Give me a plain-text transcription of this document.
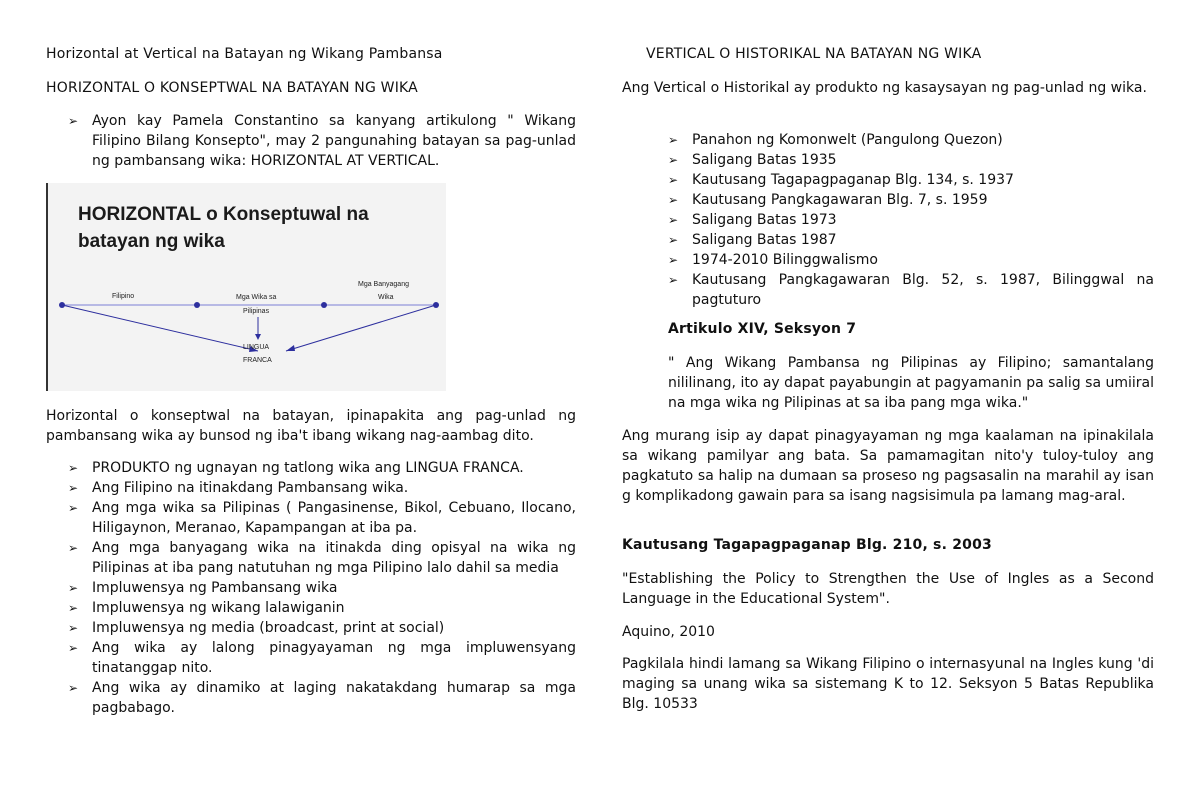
Horizontal at Vertical na Batayan ng Wikang Pambansa
HORIZONTAL O KONSEPTWAL NA BATAYAN NG WIKA
➢ Ayon kay Pamela Constantino sa kanyang artikulong " Wikang Filipino Bilang Konsepto", may 2 pangunahing batayan sa pag-unlad ng pambansang wika: HORIZONTAL AT VERTICAL.
HORIZONTAL o Konseptuwal na batayan ng wika
Filipino	Mga Wika sa
Pilipinas
Mga Banyagang
Wika
LINGUA
FRANCA

Horizontal o konseptwal na batayan, ipinapakita ang pag-unlad ng pambansang wika ay bunsod ng iba't ibang wikang nag-aambag dito.

➢ PRODUKTO ng ugnayan ng tatlong wika ang LINGUA FRANCA.
➢ Ang Filipino na itinakdang Pambansang wika.
➢ Ang mga wika sa Pilipinas ( Pangasinense, Bikol, Cebuano, Ilocano, Hiligaynon, Meranao, Kapampangan at iba pa.
➢ Ang mga banyagang wika na itinakda ding opisyal na wika ng Pilipinas at iba pang natutuhan ng mga Pilipino lalo dahil sa media
➢ Impluwensya ng Pambansang wika
➢ Impluwensya ng wikang lalawiganin
➢ Impluwensya ng media (broadcast, print at social)
➢ Ang wika ay lalong pinagyayaman ng mga impluwensyang tinatanggap nito.
➢ Ang wika ay dinamiko at laging nakatakdang humarap sa mga pagbabago.
VERTICAL O HISTORIKAL NA BATAYAN NG WIKA

Ang Vertical o Historikal ay produkto ng kasaysayan ng pag-unlad ng wika.

➢ Panahon ng Komonwelt (Pangulong Quezon)
➢ Saligang Batas 1935
➢ Kautusang Tagapagpaganap Blg. 134, s. 1937
➢ Kautusang Pangkagawaran Blg. 7, s. 1959
➢ Saligang Batas 1973
➢ Saligang Batas 1987
➢ 1974-2010 Bilinggwalismo
➢ Kautusang Pangkagawaran Blg. 52, s. 1987, Bilinggwal na pagtuturo
Artikulo XIV, Seksyon 7

" Ang Wikang Pambansa ng Pilipinas ay Filipino; samantalang nililinang, ito ay dapat payabungin at pagyamanin pa salig sa umiiral na mga wika ng Pilipinas at sa iba pang mga wika."

Ang murang isip ay dapat pinagyayaman ng mga kaalaman na ipinakilala sa wikang pamilyar ang bata. Sa pamamagitan nito'y tuloy-tuloy ang pagkatuto sa halip na dumaan sa proseso ng pagsasalin na marahil ay isan g komplikadong gawain para sa isang nagsisimula pa lamang mag-aral.

Kautusang Tagapagpaganap Blg. 210, s. 2003

"Establishing the Policy to Strengthen the Use of Ingles as a Second Language in the Educational System".

Aquino, 2010

Pagkilala hindi lamang sa Wikang Filipino o internasyunal na Ingles kung 'di maging sa unang wika sa sistemang K to 12. Seksyon 5 Batas Republika Blg. 10533
